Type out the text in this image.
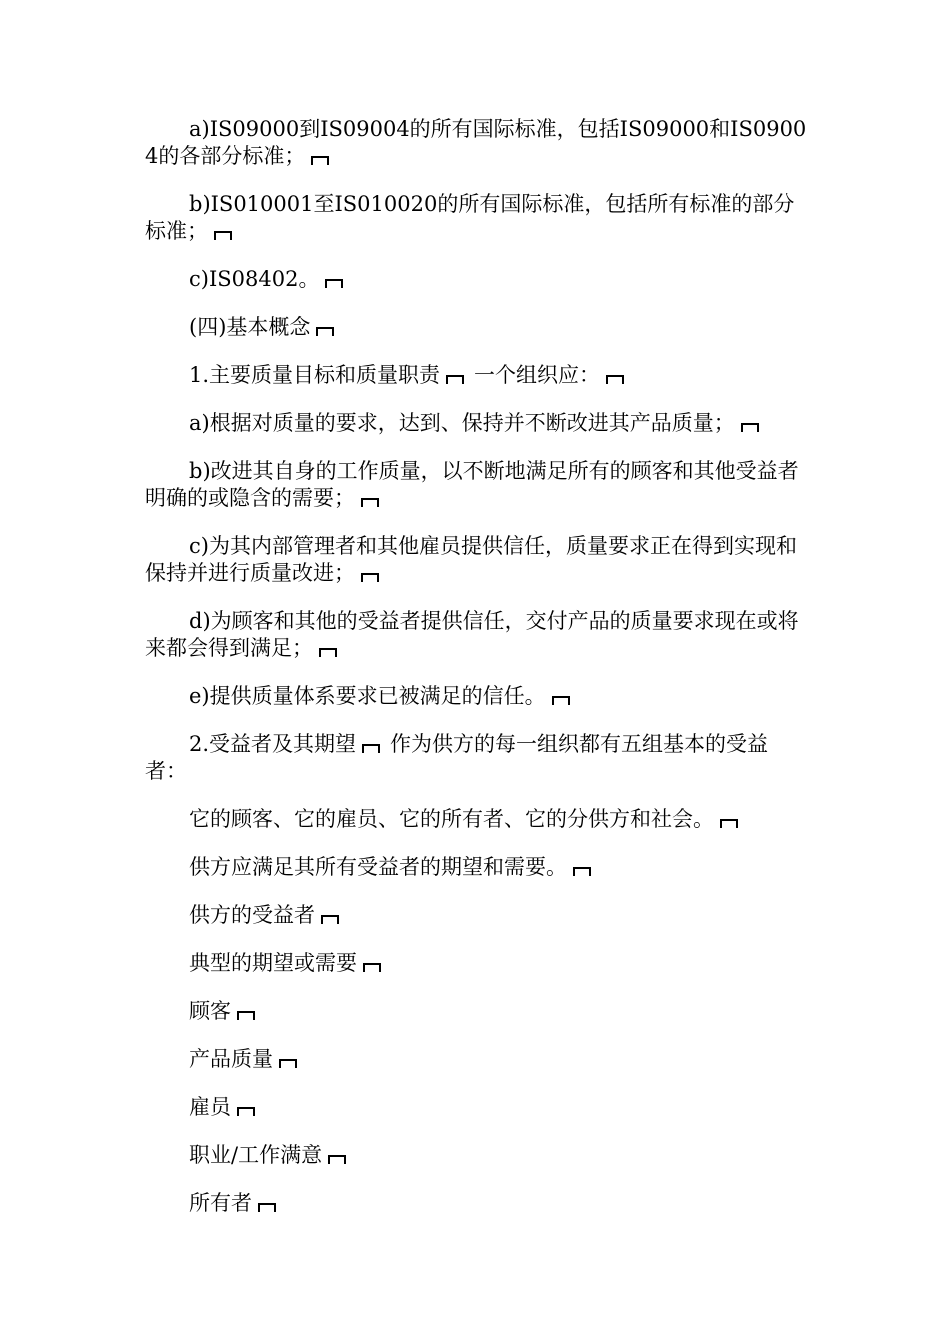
a)IS09000到IS09004的所有国际标准，包括IS09000和IS09004的各部分标准；

b)IS010001至IS010020的所有国际标准，包括所有标准的部分标准；

c)IS08402。

(四)基本概念

1.主要质量目标和质量职责 一个组织应：

a)根据对质量的要求，达到、保持并不断改进其产品质量；

b)改进其自身的工作质量，以不断地满足所有的顾客和其他受益者明确的或隐含的需要；

c)为其内部管理者和其他雇员提供信任，质量要求正在得到实现和保持并进行质量改进；

d)为顾客和其他的受益者提供信任，交付产品的质量要求现在或将来都会得到满足；

e)提供质量体系要求已被满足的信任。

2.受益者及其期望 作为供方的每一组织都有五组基本的受益者：

它的顾客、它的雇员、它的所有者、它的分供方和社会。

供方应满足其所有受益者的期望和需要。

供方的受益者

典型的期望或需要

顾客

产品质量

雇员

职业/工作满意

所有者
